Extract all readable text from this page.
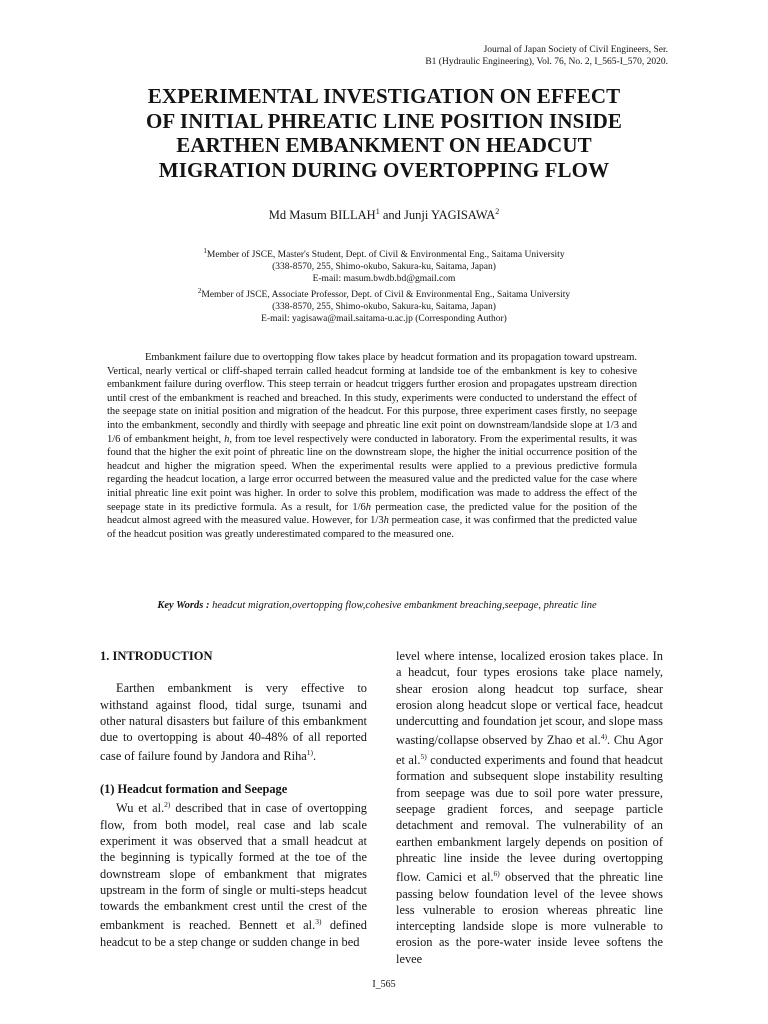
Journal of Japan Society of Civil Engineers, Ser.
B1 (Hydraulic Engineering), Vol. 76, No. 2, I_565-I_570, 2020.
EXPERIMENTAL INVESTIGATION ON EFFECT
OF INITIAL PHREATIC LINE POSITION INSIDE
EARTHEN EMBANKMENT ON HEADCUT
MIGRATION DURING OVERTOPPING FLOW
Md Masum BILLAH$^1$ and Junji YAGISAWA$^2$
$^1$Member of JSCE, Master's Student, Dept. of Civil & Environmental Eng., Saitama University
(338-8570, 255, Shimo-okubo, Sakura-ku, Saitama, Japan)
E-mail: masum.bwdb.bd@gmail.com
$^2$Member of JSCE, Associate Professor, Dept. of Civil & Environmental Eng., Saitama University
(338-8570, 255, Shimo-okubo, Sakura-ku, Saitama, Japan)
E-mail: yagisawa@mail.saitama-u.ac.jp (Corresponding Author)

Embankment failure due to overtopping flow takes place by headcut formation and its propagation toward upstream. Vertical, nearly vertical or cliff-shaped terrain called headcut forming at landside toe of the embankment is key to cohesive embankment failure during overflow. This steep terrain or headcut triggers further erosion and propagates upstream direction until crest of the embankment is reached and breached. In this study, experiments were conducted to understand the effect of the seepage state on initial position and migration of the headcut. For this purpose, three experiment cases firstly, no seepage into the embankment, secondly and thirdly with seepage and phreatic line exit point on downstream/landside slope at 1/3 and 1/6 of embankment height, h, from toe level respectively were conducted in laboratory. From the experimental results, it was found that the higher the exit point of phreatic line on the downstream slope, the higher the initial occurrence position of the headcut and higher the migration speed. When the experimental results were applied to a previous predictive formula regarding the headcut location, a large error occurred between the measured value and the predicted value for the case where initial phreatic line exit point was higher. In order to solve this problem, modification was made to address the effect of the seepage state in its predictive formula. As a result, for 1/6h permeation case, the predicted value for the position of the headcut almost agreed with the measured value. However, for 1/3h permeation case, it was confirmed that the predicted value of the headcut position was greatly underestimated compared to the measured one.

Key Words : headcut migration,overtopping flow,cohesive embankment breaching,seepage, phreatic line

1. INTRODUCTION

Earthen embankment is very effective to withstand against flood, tidal surge, tsunami and other natural disasters but failure of this embankment due to overtopping is about 40-48% of all reported case of failure found by Jandora and Riha$^{1)}$.

(1) Headcut formation and Seepage

Wu et al.$^{2)}$ described that in case of overtopping flow, from both model, real case and lab scale experiment it was observed that a small headcut at the beginning is typically formed at the toe of the downstream slope of embankment that migrates upstream in the form of single or multi-steps headcut towards the embankment crest until the crest of the embankment is reached. Bennett et al.$^{3)}$ defined headcut to be a step change or sudden change in bed

level where intense, localized erosion takes place. In a headcut, four types erosions take place namely, shear erosion along headcut top surface, shear erosion along headcut slope or vertical face, headcut undercutting and foundation jet scour, and slope mass wasting/collapse observed by Zhao et al.$^{4)}$. Chu Agor et al.$^{5)}$ conducted experiments and found that headcut formation and subsequent slope instability resulting from seepage was due to soil pore water pressure, seepage gradient forces, and seepage particle detachment and removal. The vulnerability of an earthen embankment largely depends on position of phreatic line inside the levee during overtopping flow. Camici et al.$^{6)}$ observed that the phreatic line passing below foundation level of the levee shows less vulnerable to erosion whereas phreatic line intercepting landside slope is more vulnerable to erosion as the pore-water inside levee softens the levee

I_565
